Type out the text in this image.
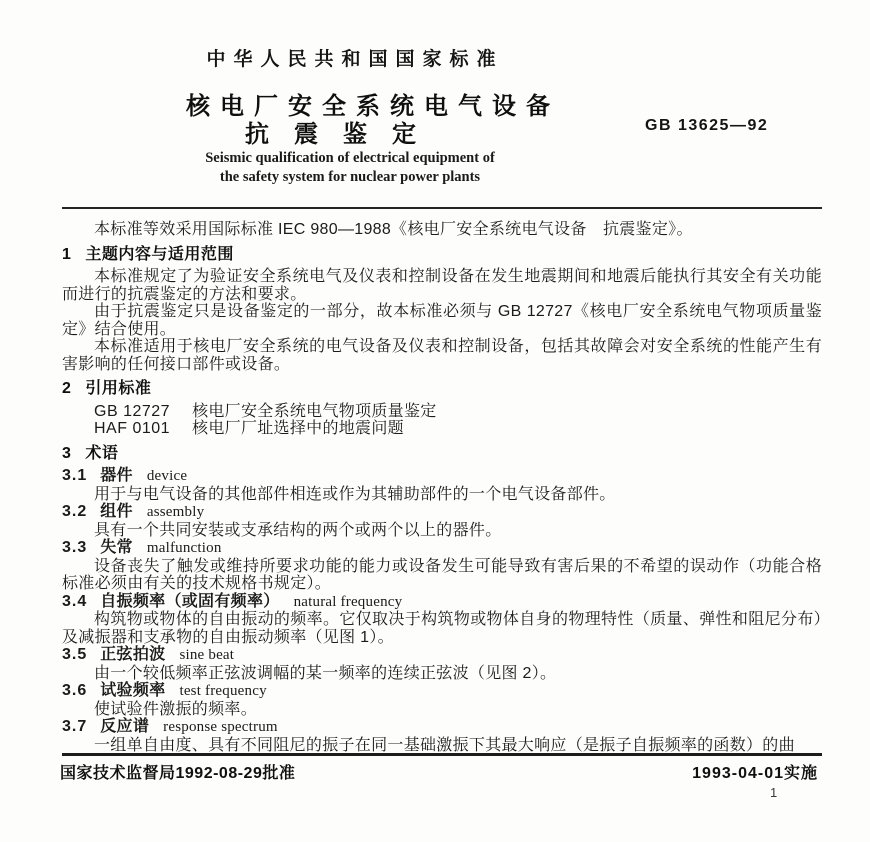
中华人民共和国国家标准
核电厂安全系统电气设备
抗震鉴定	GB 13625—92
Seismic qualification of electrical equipment of
the safety system for nuclear power plants

本标准等效采用国际标准 IEC 980—1988《核电厂安全系统电气设备　抗震鉴定》。

1 主题内容与适用范围

本标准规定了为验证安全系统电气及仪表和控制设备在发生地震期间和地震后能执行其安全有关功能而进行的抗震鉴定的方法和要求。

由于抗震鉴定只是设备鉴定的一部分，故本标准必须与 GB 12727《核电厂安全系统电气物项质量鉴定》结合使用。

本标准适用于核电厂安全系统的电气设备及仪表和控制设备，包括其故障会对安全系统的性能产生有害影响的任何接口部件或设备。

2 引用标准
GB 12727 核电厂安全系统电气物项质量鉴定
HAF 0101 核电厂厂址选择中的地震问题
3 术语
3.1 器件 device
用于与电气设备的其他部件相连或作为其辅助部件的一个电气设备部件。
3.2 组件 assembly
具有一个共同安装或支承结构的两个或两个以上的器件。
3.3 失常 malfunction
设备丧失了触发或维持所要求功能的能力或设备发生可能导致有害后果的不希望的误动作（功能合格标准必须由有关的技术规格书规定）。
3.4 自振频率（或固有频率） natural frequency
构筑物或物体的自由振动的频率。它仅取决于构筑物或物体自身的物理特性（质量、弹性和阻尼分布）及减振器和支承物的自由振动频率（见图 1）。
3.5 正弦拍波 sine beat
由一个较低频率正弦波调幅的某一频率的连续正弦波（见图 2）。
3.6 试验频率 test frequency
使试验件激振的频率。
3.7 反应谱 response spectrum
一组单自由度、具有不同阻尼的振子在同一基础激振下其最大响应（是振子自振频率的函数）的曲
国家技术监督局1992-08-29批准	1993-04-01实施
1
